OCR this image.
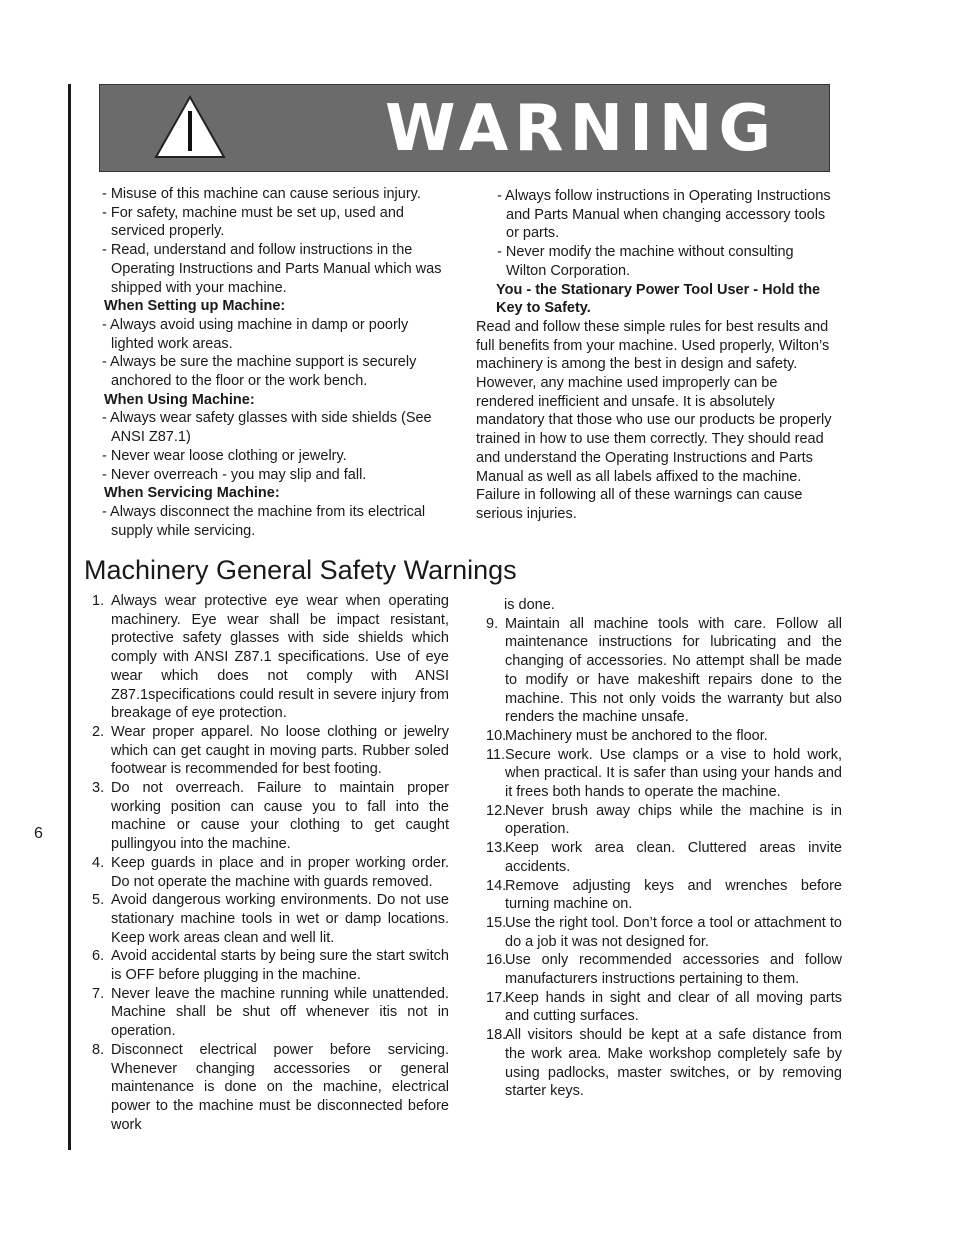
6
WARNING

- Misuse of this machine can cause serious injury.

- For safety, machine must be set up, used and serviced properly.

- Read, understand and follow instructions in the Operating Instructions and Parts Manual which was shipped with your machine.

When Setting up Machine:

- Always avoid using machine in damp or poorly lighted work areas.

- Always be sure the machine support is securely anchored to the floor or the work bench.

When Using Machine:

- Always wear safety glasses with side shields (See ANSI Z87.1)

- Never wear loose clothing or jewelry.

- Never overreach - you may slip and fall.

When Servicing Machine:

- Always disconnect the machine from its electrical supply while servicing.

- Always follow instructions in Operating Instructions and Parts Manual when changing accessory tools or parts.

- Never modify the machine without consulting Wilton Corporation.

You - the Stationary Power Tool User - Hold the Key to Safety.

Read and follow these simple rules for best results and full benefits from your machine. Used properly, Wilton’s machinery is among the best in design and safety. However, any machine used improperly can be rendered inefficient and unsafe. It is absolutely mandatory that those who use our products be properly trained in how to use them correctly. They should read and understand the Operating Instructions and Parts Manual as well as all labels affixed to the machine. Failure in following all of these warnings can cause serious injuries.

Machinery General Safety Warnings
1. Always wear protective eye wear when operating machinery. Eye wear shall be impact resistant, protective safety glasses with side shields which comply with ANSI Z87.1 specifications. Use of eye wear which does not comply with ANSI Z87.1specifications could result in severe injury from breakage of eye protection.
2. Wear proper apparel. No loose clothing or jewelry which can get caught in moving parts. Rubber soled footwear is recommended for best footing.
3. Do not overreach. Failure to maintain proper working position can cause you to fall into the machine or cause your clothing to get caught pullingyou into the machine.
4. Keep guards in place and in proper working order. Do not operate the machine with guards removed.
5. Avoid dangerous working environments. Do not use stationary machine tools in wet or damp locations. Keep work areas clean and well lit.
6. Avoid accidental starts by being sure the start switch is OFF before plugging in the machine.
7. Never leave the machine running while unattended. Machine shall be shut off whenever itis not in operation.
8. Disconnect electrical power before servicing. Whenever changing accessories or general maintenance is done on the machine, electrical power to the machine must be disconnected before work

is done.

9. Maintain all machine tools with care. Follow all maintenance instructions for lubricating and the changing of accessories. No attempt shall be made to modify or have makeshift repairs done to the machine. This not only voids the warranty but also renders the machine unsafe.
10.
Machinery must be anchored to the floor.
11. Secure work. Use clamps or a vise to hold work, when practical. It is safer than using your hands and it frees both hands to operate the machine.
12.
Never brush away chips while the machine is in operation.
13.
Keep work area clean. Cluttered areas invite accidents.
14.
Remove adjusting keys and wrenches before turning machine on.
15.
Use the right tool. Don’t force a tool or attachment to do a job it was not designed for.
16.
Use only recommended accessories and follow manufacturers instructions pertaining to them.
17.
Keep hands in sight and clear of all moving parts and cutting surfaces.
18.
All visitors should be kept at a safe distance from the work area. Make workshop completely safe by using padlocks, master switches, or by removing starter keys.
